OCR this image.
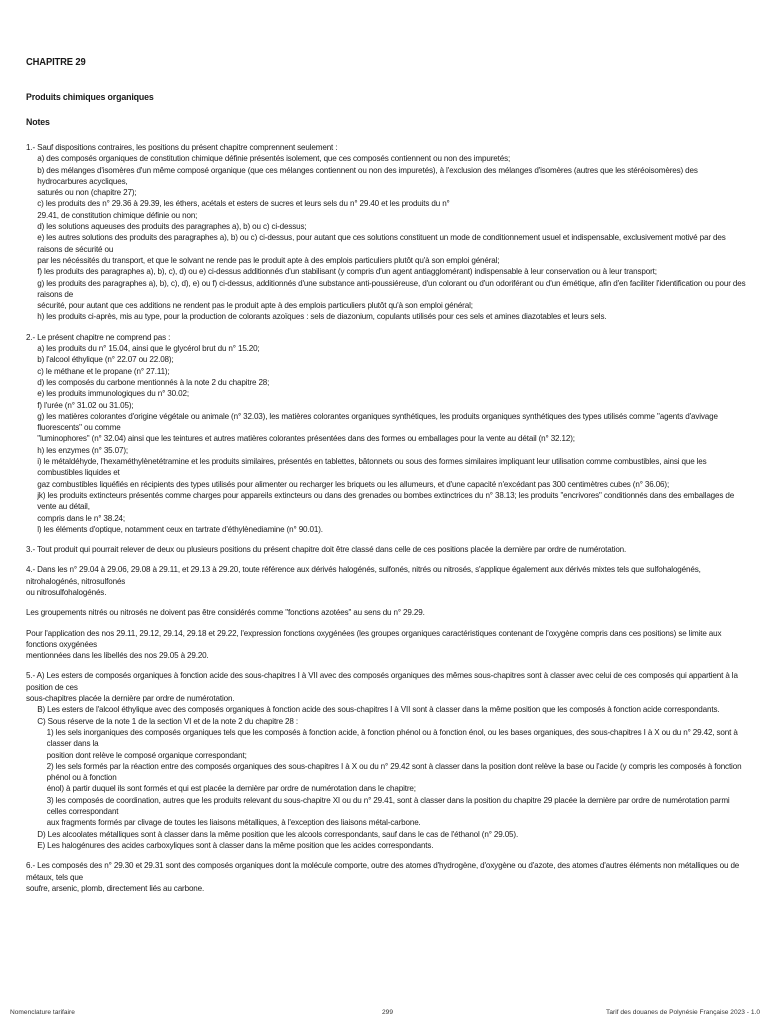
CHAPITRE 29

Produits chimiques organiques

Notes

1.- Sauf dispositions contraires, les positions du présent chapitre comprennent seulement :

a) des composés organiques de constitution chimique définie présentés isolement, que ces composés contiennent ou non des impuretés;

b) des mélanges d'isomères d'un même composé organique (que ces mélanges contiennent ou non des impuretés), à l'exclusion des mélanges d'isomères (autres que les stéréoisomères) des hydrocarbures acycliques,

saturés ou non (chapitre 27);

c) les produits des n° 29.36 à 29.39, les éthers, acétals et esters de sucres et leurs sels du n° 29.40 et les produits du n°

29.41, de constitution chimique définie ou non;

d) les solutions aqueuses des produits des paragraphes a), b) ou c) ci-dessus;

e) les autres solutions des produits des paragraphes a), b) ou c) ci-dessus, pour autant que ces solutions constituent un mode de conditionnement usuel et indispensable, exclusivement motivé par des raisons de sécurité ou

par les nécéssités du transport, et que le solvant ne rende pas le produit apte à des emplois particuliers plutôt qu'à son emploi général;

f) les produits des paragraphes a), b), c), d) ou e) ci-dessus additionnés d'un stabilisant (y compris d'un agent antiagglomérant) indispensable à leur conservation ou à leur transport;

g) les produits des paragraphes a), b), c), d), e) ou f) ci-dessus, additionnés d'une substance anti-poussiéreuse, d'un colorant ou d'un odoriférant ou d'un émétique, afin d'en faciliter l'identification ou pour des raisons de

sécurité, pour autant que ces additions ne rendent pas le produit apte à des emplois particuliers plutôt qu'à son emploi général;

h) les produits ci-après, mis au type, pour la production de colorants azoïques : sels de diazonium, copulants utilisés pour ces sels et amines diazotables et leurs sels.

2.- Le présent chapitre ne comprend pas :

a) les produits du n° 15.04, ainsi que le glycérol brut du n° 15.20;

b) l'alcool éthylique (n° 22.07 ou 22.08);

c) le méthane et le propane (n° 27.11);

d) les composés du carbone mentionnés à la note 2 du chapitre 28;

e) les produits immunologiques du n° 30.02;

f) l'urée (n° 31.02 ou 31.05);

g) les matières colorantes d'origine végétale ou animale (n° 32.03), les matières colorantes organiques synthétiques, les produits organiques synthétiques des types utilisés comme "agents d'avivage fluorescents" ou comme

"luminophores" (n° 32.04) ainsi que les teintures et autres matières colorantes présentées dans des formes ou emballages pour la vente au détail (n° 32.12);

h) les enzymes (n° 35.07);

i) le métaldéhyde, l'hexaméthylènetétramine et les produits similaires, présentés en tablettes, bâtonnets ou sous des formes similaires impliquant leur utilisation comme combustibles, ainsi que les combustibles liquides et

gaz combustibles liquéfiés en récipients des types utilisés pour alimenter ou recharger les briquets ou les allumeurs, et d'une capacité n'excédant pas 300 centimètres cubes (n° 36.06);

jk) les produits extincteurs présentés comme charges pour appareils extincteurs ou dans des grenades ou bombes extinctrices du n° 38.13; les produits "encrivores" conditionnés dans des emballages de vente au détail,

compris dans le n° 38.24;

l) les éléments d'optique, notamment ceux en tartrate d'éthylènediamine (n° 90.01).

3.- Tout produit qui pourrait relever de deux ou plusieurs positions du présent chapitre doit être classé dans celle de ces positions placée la dernière par ordre de numérotation.

4.- Dans les n° 29.04 à 29.06, 29.08 à 29.11, et 29.13 à 29.20, toute référence aux dérivés halogénés, sulfonés, nitrés ou nitrosés, s'applique également aux dérivés mixtes tels que sulfohalogénés, nitrohalogénés, nitrosulfonés

ou nitrosulfohalogénés.

Les groupements nitrés ou nitrosés ne doivent pas être considérés comme "fonctions azotées" au sens du n° 29.29.

Pour l'application des nos 29.11, 29.12, 29.14, 29.18 et 29.22, l'expression fonctions oxygénées (les groupes organiques caractéristiques contenant de l'oxygène compris dans ces positions) se limite aux fonctions oxygénées

mentionnées dans les libellés des nos 29.05 à 29.20.

5.- A) Les esters de composés organiques à fonction acide des sous-chapitres I à VII avec des composés organiques des mêmes sous-chapitres sont à classer avec celui de ces composés qui appartient à la position de ces

sous-chapitres placée la dernière par ordre de numérotation.

B) Les esters de l'alcool éthylique avec des composés organiques à fonction acide des sous-chapitres I à VII sont à classer dans la même position que les composés à fonction acide correspondants.

C) Sous réserve de la note 1 de la section VI et de la note 2 du chapitre 28 :

1) les sels inorganiques des composés organiques tels que les composés à fonction acide, à fonction phénol ou à fonction énol, ou les bases organiques, des sous-chapitres I à X ou du n° 29.42, sont à classer dans la

position dont relève le composé organique correspondant;

2) les sels formés par la réaction entre des composés organiques des sous-chapitres I à X ou du n° 29.42 sont à classer dans la position dont relève la base ou l'acide (y compris les composés à fonction phénol ou à fonction

énol) à partir duquel ils sont formés et qui est placée la dernière par ordre de numérotation dans le chapitre;

3) les composés de coordination, autres que les produits relevant du sous-chapitre XI ou du n° 29.41, sont à classer dans la position du chapitre 29 placée la dernière par ordre de numérotation parmi celles correspondant

aux fragments formés par clivage de toutes les liaisons métalliques, à l'exception des liaisons métal-carbone.

D) Les alcoolates métalliques sont à classer dans la même position que les alcools correspondants, sauf dans le cas de l'éthanol (n° 29.05).

E) Les halogénures des acides carboxyliques sont à classer dans la même position que les acides correspondants.

6.- Les composés des n° 29.30 et 29.31 sont des composés organiques dont la molécule comporte, outre des atomes d'hydrogène, d'oxygène ou d'azote, des atomes d'autres éléments non métalliques ou de métaux, tels que

soufre, arsenic, plomb, directement liés au carbone.

Nomenclature tarifaire	299	Tarif des douanes de Polynésie Française 2023 - 1.0
